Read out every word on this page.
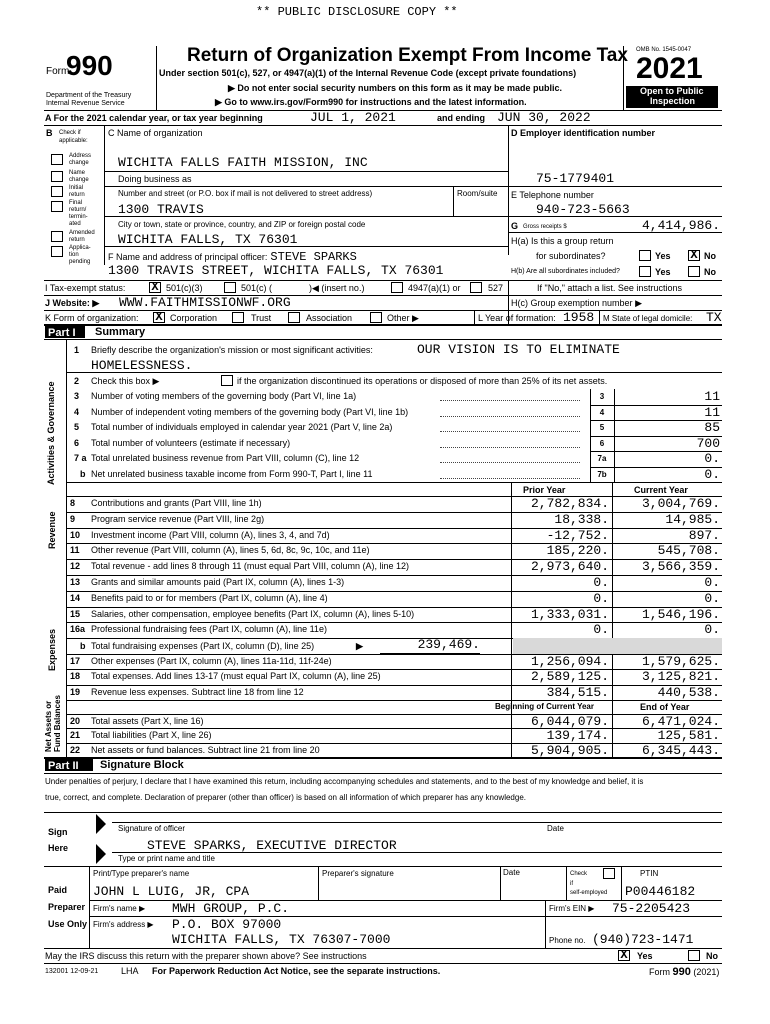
** PUBLIC DISCLOSURE COPY **
Form
990
Department of the Treasury
Internal Revenue Service
Return of Organization Exempt From Income Tax
Under section 501(c), 527, or 4947(a)(1) of the Internal Revenue Code (except private foundations)
▶ Do not enter social security numbers on this form as it may be made public.
▶ Go to www.irs.gov/Form990 for instructions and the latest information.
OMB No. 1545-0047
2021
Open to Public
Inspection
A For the 2021 calendar year, or tax year beginning	JUL 1, 2021	and ending JUN 30, 2022
B Check if
applicable:
Address
change
Name
change
Initial
return
Final
return/
termin-
ated
Amended
return
Applica-
tion
pending
C Name of organization
WICHITA FALLS FAITH MISSION, INC
Doing business as
Number and street (or P.O. box if mail is not delivered to street address)	Room/suite
1300 TRAVIS
City or town, state or province, country, and ZIP or foreign postal code
WICHITA FALLS, TX 76301
F Name and address of principal officer: STEVE SPARKS
1300 TRAVIS STREET, WICHITA FALLS, TX 76301
D Employer identification number
75-1779401
E Telephone number
940-723-5663
G Gross receipts $	4,414,986.
H(a) Is this a group return
for subordinates?	Yes X No
H(b) Are all subordinates included?	Yes	No
I Tax-exempt status: X 501(c)(3)	501(c) (	)◀ (insert no.)	4947(a)(1) or	527	If "No," attach a list. See instructions
J Website: ▶ WWW.FAITHMISSIONWF.ORG	H(c) Group exemption number ▶
K Form of organization: X Corporation	Trust	Association	Other ▶	L Year of formation: 1958 M State of legal domicile: TX
Part I	Summary
Activities & Governance
Revenue
Expenses
Net Assets or Fund Balances
1 Briefly describe the organization's mission or most significant activities:	OUR VISION IS TO ELIMINATE
HOMELESSNESS.
2 Check this box ▶	if the organization discontinued its operations or disposed of more than 25% of its net assets.
3 Number of voting members of the governing body (Part VI, line 1a)	3	11
4 Number of independent voting members of the governing body (Part VI, line 1b)	4	11
5 Total number of individuals employed in calendar year 2021 (Part V, line 2a)	5	85
6 Total number of volunteers (estimate if necessary)	6	700
7 a Total unrelated business revenue from Part VIII, column (C), line 12	7a	0.
b Net unrelated business taxable income from Form 990-T, Part I, line 11	7b	0.
Prior Year	Current Year
8 Contributions and grants (Part VIII, line 1h)	2,782,834.	3,004,769.
9 Program service revenue (Part VIII, line 2g)	18,338.	14,985.
10 Investment income (Part VIII, column (A), lines 3, 4, and 7d)	-12,752.	897.
11 Other revenue (Part VIII, column (A), lines 5, 6d, 8c, 9c, 10c, and 11e)	185,220.	545,708.
12 Total revenue - add lines 8 through 11 (must equal Part VIII, column (A), line 12)	2,973,640.	3,566,359.
13 Grants and similar amounts paid (Part IX, column (A), lines 1-3)	0.	0.
14 Benefits paid to or for members (Part IX, column (A), line 4)	0.	0.
15 Salaries, other compensation, employee benefits (Part IX, column (A), lines 5-10)	1,333,031.	1,546,196.
16a Professional fundraising fees (Part IX, column (A), line 11e)	0.	0.
b Total fundraising expenses (Part IX, column (D), line 25)	▶	239,469.
17 Other expenses (Part IX, column (A), lines 11a-11d, 11f-24e)	1,256,094.	1,579,625.
18 Total expenses. Add lines 13-17 (must equal Part IX, column (A), line 25)	2,589,125.	3,125,821.
19 Revenue less expenses. Subtract line 18 from line 12	384,515.	440,538.
Beginning of Current Year	End of Year
20 Total assets (Part X, line 16)	6,044,079.	6,471,024.
21 Total liabilities (Part X, line 26)	139,174.	125,581.
22 Net assets or fund balances. Subtract line 21 from line 20	5,904,905.	6,345,443.
Part II	Signature Block
Under penalties of perjury, I declare that I have examined this return, including accompanying schedules and statements, and to the best of my knowledge and belief, it is
true, correct, and complete. Declaration of preparer (other than officer) is based on all information of which preparer has any knowledge.
Sign
Here
Signature of officer	Date
STEVE SPARKS, EXECUTIVE DIRECTOR
Type or print name and title
Paid
Preparer
Use Only
Print/Type preparer's name	Preparer's signature	Date	Check
if
self-employed
PTIN
JOHN L LUIG, JR, CPA	P00446182
Firm's name ▶ MWH GROUP, P.C.	Firm's EIN ▶ 75-2205423
Firm's address ▶ P.O. BOX 97000
WICHITA FALLS, TX 76307-7000	Phone no. (940)723-1471
May the IRS discuss this return with the preparer shown above? See instructions	X Yes	No
132001 12-09-21	LHA For Paperwork Reduction Act Notice, see the separate instructions.	Form 990 (2021)
